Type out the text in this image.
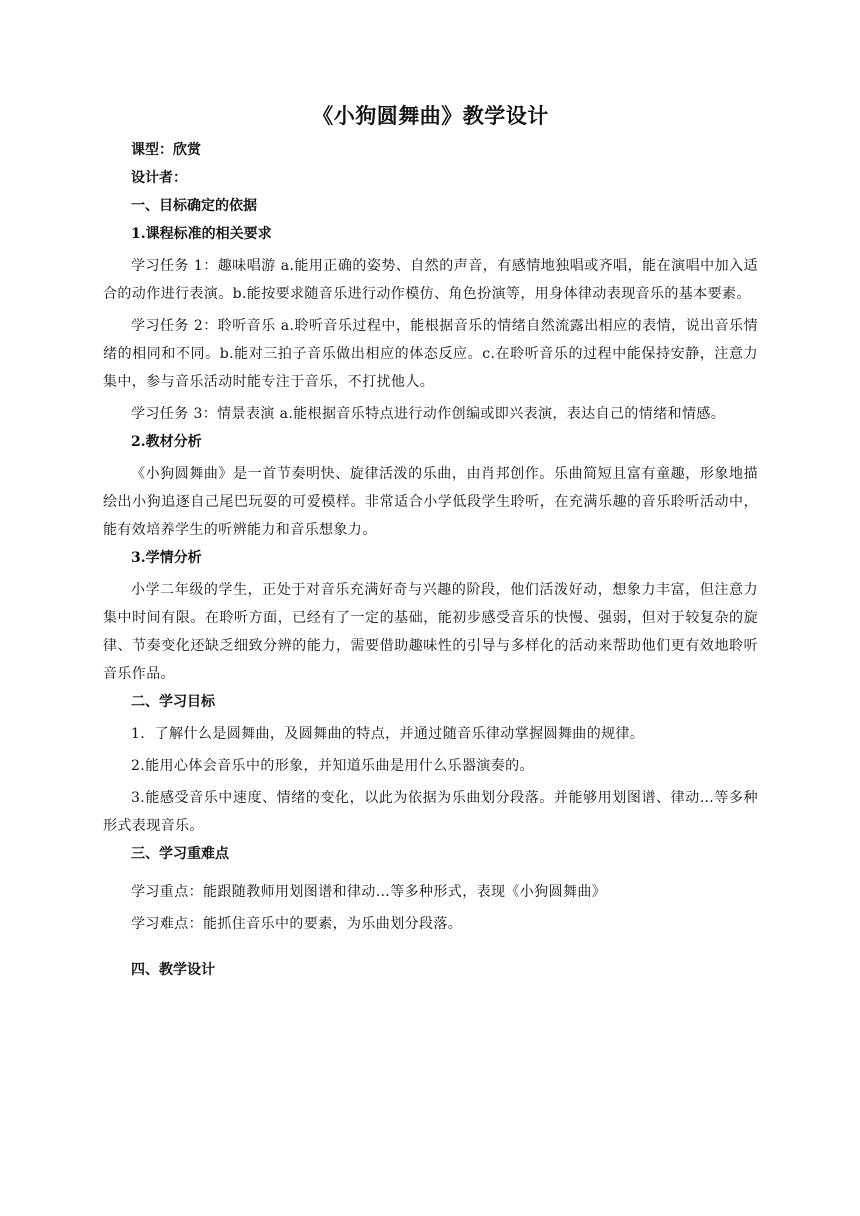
《小狗圆舞曲》教学设计

课型：欣赏

设计者：

一、目标确定的依据

1.课程标准的相关要求

学习任务 1：趣味唱游 a.能用正确的姿势、自然的声音，有感情地独唱或齐唱，能在演唱中加入适合的动作进行表演。b.能按要求随音乐进行动作模仿、角色扮演等，用身体律动表现音乐的基本要素。

学习任务 2：聆听音乐 a.聆听音乐过程中，能根据音乐的情绪自然流露出相应的表情，说出音乐情绪的相同和不同。b.能对三拍子音乐做出相应的体态反应。c.在聆听音乐的过程中能保持安静，注意力集中，参与音乐活动时能专注于音乐，不打扰他人。

学习任务 3：情景表演 a.能根据音乐特点进行动作创编或即兴表演，表达自己的情绪和情感。

2.教材分析

《小狗圆舞曲》是一首节奏明快、旋律活泼的乐曲，由肖邦创作。乐曲简短且富有童趣，形象地描绘出小狗追逐自己尾巴玩耍的可爱模样。非常适合小学低段学生聆听，在充满乐趣的音乐聆听活动中，能有效培养学生的听辨能力和音乐想象力。

3.学情分析

小学二年级的学生，正处于对音乐充满好奇与兴趣的阶段，他们活泼好动，想象力丰富，但注意力集中时间有限。在聆听方面，已经有了一定的基础，能初步感受音乐的快慢、强弱，但对于较复杂的旋律、节奏变化还缺乏细致分辨的能力，需要借助趣味性的引导与多样化的活动来帮助他们更有效地聆听音乐作品。

二、学习目标

1．了解什么是圆舞曲，及圆舞曲的特点，并通过随音乐律动掌握圆舞曲的规律。

2.能用心体会音乐中的形象，并知道乐曲是用什么乐器演奏的。

3.能感受音乐中速度、情绪的变化，以此为依据为乐曲划分段落。并能够用划图谱、律动…等多种形式表现音乐。

三、学习重难点

学习重点：能跟随教师用划图谱和律动…等多种形式，表现《小狗圆舞曲》

学习难点：能抓住音乐中的要素，为乐曲划分段落。

四、教学设计
